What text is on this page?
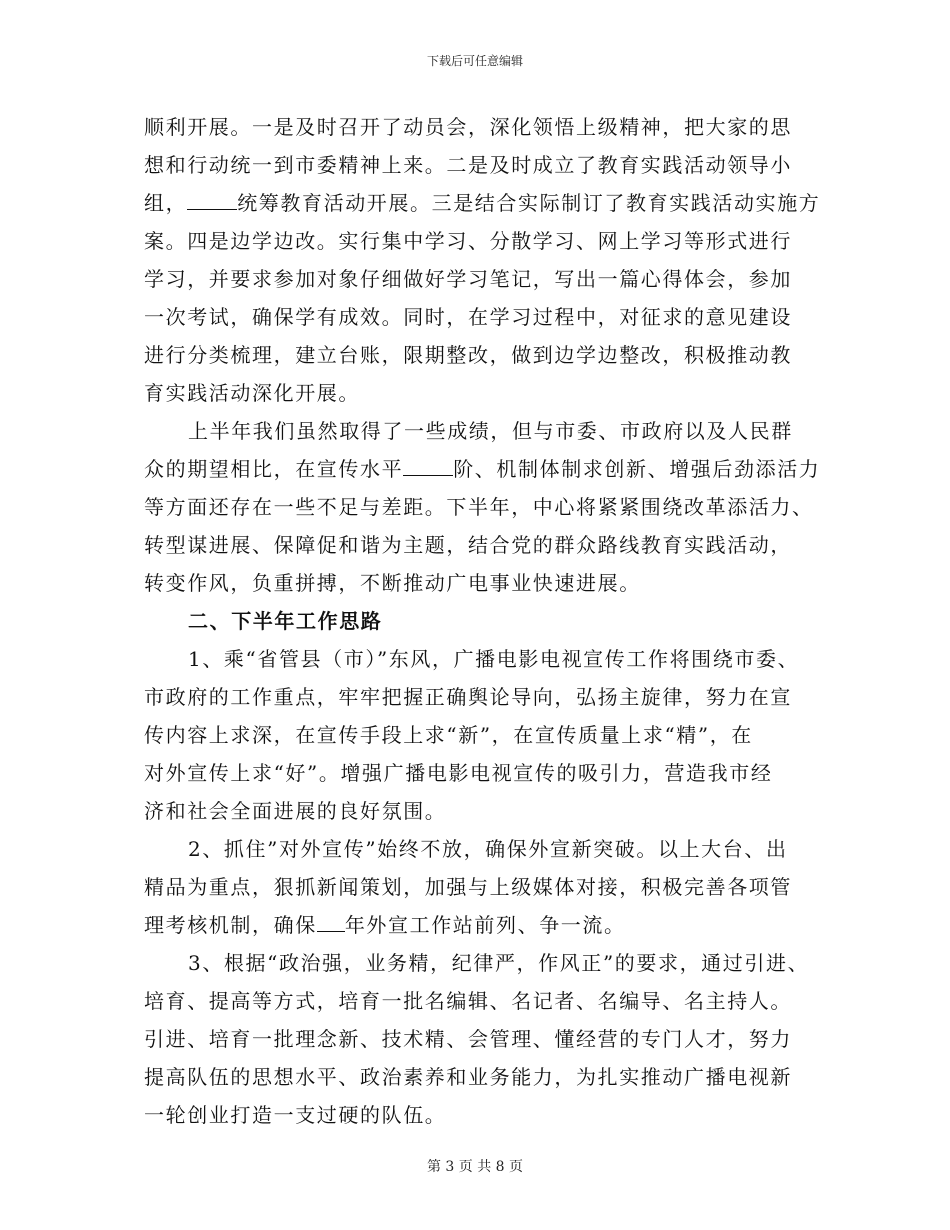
下载后可任意编辑
顺利开展。一是及时召开了动员会，深化领悟上级精神，把大家的思
想和行动统一到市委精神上来。二是及时成立了教育实践活动领导小
组，	统筹教育活动开展。三是结合实际制订了教育实践活动实施方
案。四是边学边改。实行集中学习、分散学习、网上学习等形式进行
学习，并要求参加对象仔细做好学习笔记，写出一篇心得体会，参加
一次考试，确保学有成效。同时，在学习过程中，对征求的意见建设
进行分类梳理，建立台账，限期整改，做到边学边整改，积极推动教
育实践活动深化开展。
上半年我们虽然取得了一些成绩，但与市委、市政府以及人民群
众的期望相比，在宣传水平	阶、机制体制求创新、增强后劲添活力
等方面还存在一些不足与差距。下半年，中心将紧紧围绕改革添活力、
转型谋进展、保障促和谐为主题，结合党的群众路线教育实践活动，
转变作风，负重拼搏，不断推动广电事业快速进展。
二、下半年工作思路
1、乘“省管县（市）”东风，广播电影电视宣传工作将围绕市委、
市政府的工作重点，牢牢把握正确舆论导向，弘扬主旋律，努力在宣
传内容上求深，在宣传手段上求“新”，在宣传质量上求“精”，在
对外宣传上求“好”。增强广播电影电视宣传的吸引力，营造我市经
济和社会全面进展的良好氛围。
2、抓住”对外宣传”始终不放，确保外宣新突破。以上大台、出
精品为重点，狠抓新闻策划，加强与上级媒体对接，积极完善各项管
理考核机制，确保 年外宣工作站前列、争一流。
3、根据“政治强，业务精，纪律严，作风正”的要求，通过引进、
培育、提高等方式，培育一批名编辑、名记者、名编导、名主持人。
引进、培育一批理念新、技术精、会管理、懂经营的专门人才，努力
提高队伍的思想水平、政治素养和业务能力，为扎实推动广播电视新
一轮创业打造一支过硬的队伍。
第 3 页 共 8 页
